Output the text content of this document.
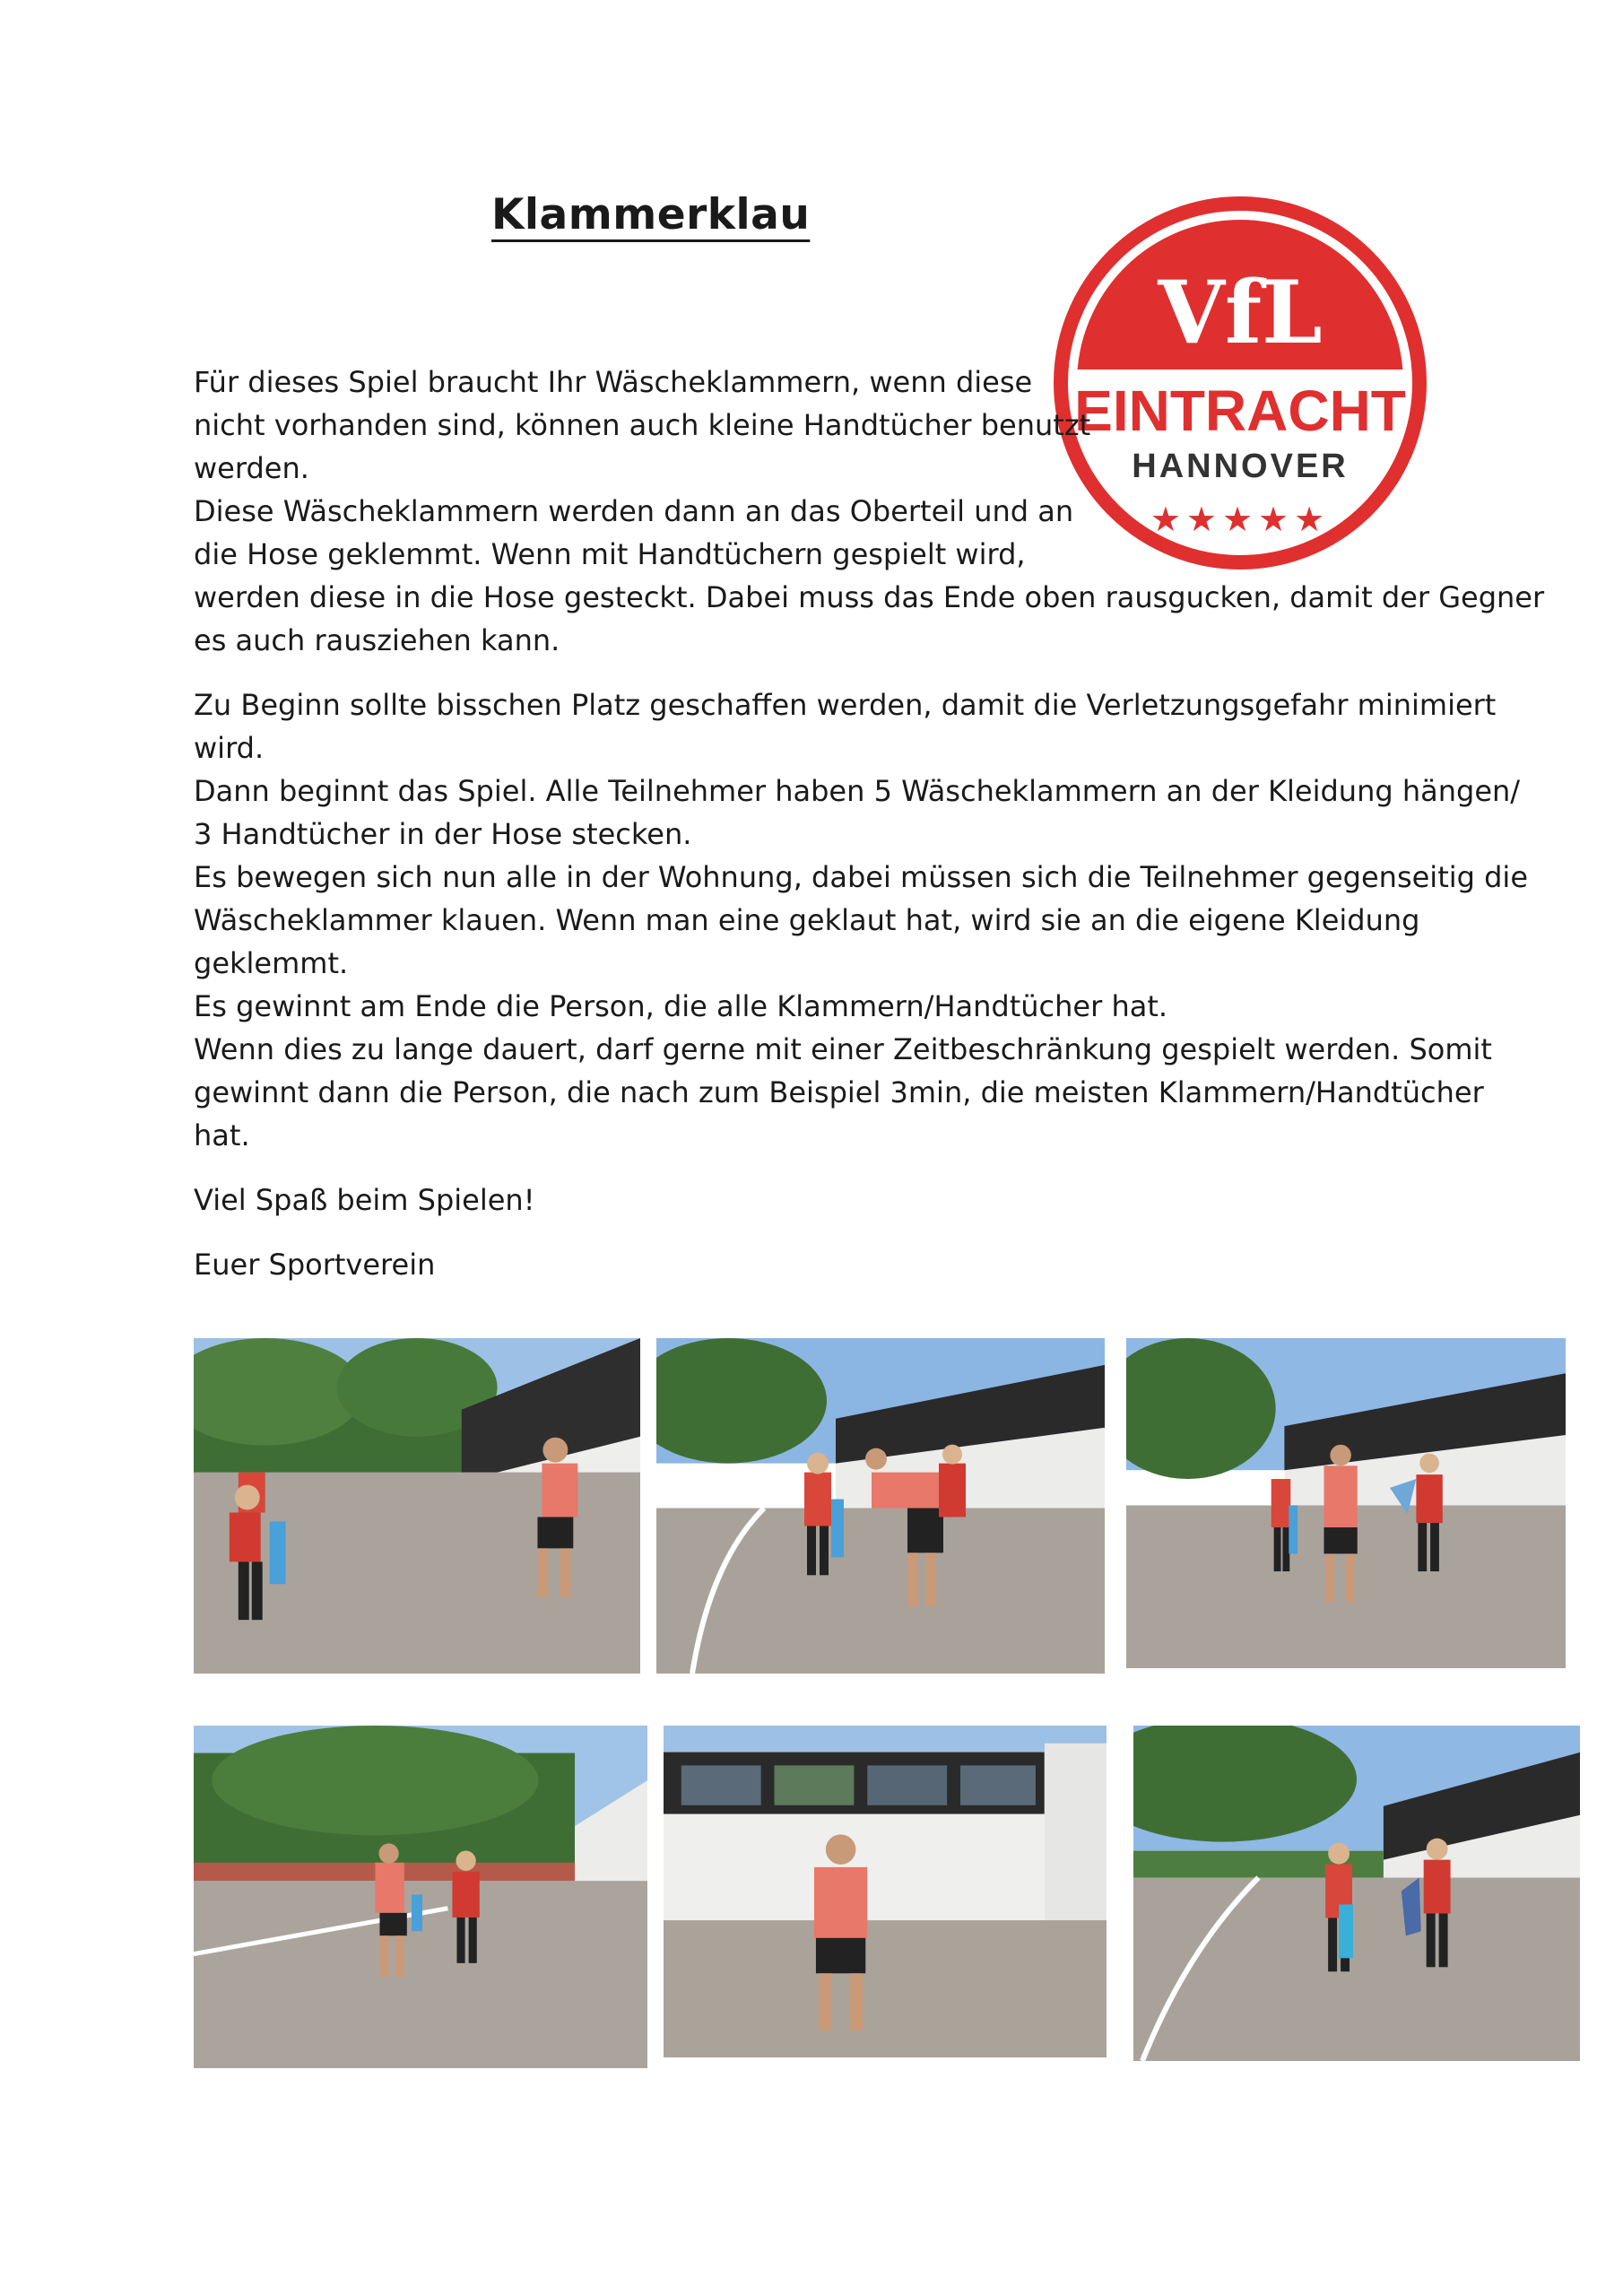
Klammerklau
VfL
EINTRACHT
HANNOVER
★★★★★
Für dieses Spiel braucht Ihr Wäscheklammern, wenn diese
nicht vorhanden sind, können auch kleine Handtücher benutzt
werden.
Diese Wäscheklammern werden dann an das Oberteil und an
die Hose geklemmt. Wenn mit Handtüchern gespielt wird,
werden diese in die Hose gesteckt. Dabei muss das Ende oben rausgucken, damit der Gegner
es auch rausziehen kann.
Zu Beginn sollte bisschen Platz geschaffen werden, damit die Verletzungsgefahr minimiert
wird.
Dann beginnt das Spiel. Alle Teilnehmer haben 5 Wäscheklammern an der Kleidung hängen/
3 Handtücher in der Hose stecken.
Es bewegen sich nun alle in der Wohnung, dabei müssen sich die Teilnehmer gegenseitig die
Wäscheklammer klauen. Wenn man eine geklaut hat, wird sie an die eigene Kleidung
geklemmt.
Es gewinnt am Ende die Person, die alle Klammern/Handtücher hat.
Wenn dies zu lange dauert, darf gerne mit einer Zeitbeschränkung gespielt werden. Somit
gewinnt dann die Person, die nach zum Beispiel 3min, die meisten Klammern/Handtücher
hat.
Viel Spaß beim Spielen!
Euer Sportverein
